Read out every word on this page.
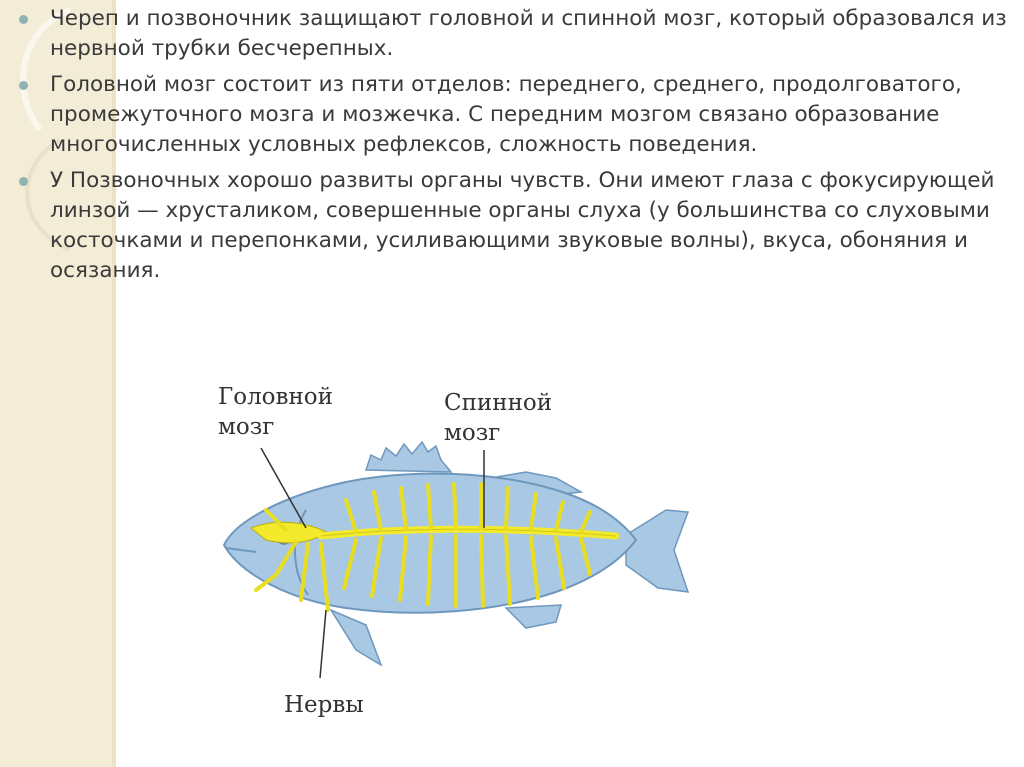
Череп и позвоночник защищают головной и спинной мозг, который образовался из нервной трубки бесчерепных.
Головной мозг состоит из пяти отделов: переднего, среднего, продолговатого, промежуточного мозга и мозжечка. С передним мозгом связано образование многочисленных условных рефлексов, сложность поведения.
У Позвоночных хорошо развиты органы чувств. Они имеют глаза с фокусирующей линзой — хрусталиком, совершенные органы слуха (у большинства со слуховыми косточками и перепонками, усиливающими звуковые волны), вкуса, обоняния и осязания.
Головной
мозг
Спинной
мозг
Нервы
